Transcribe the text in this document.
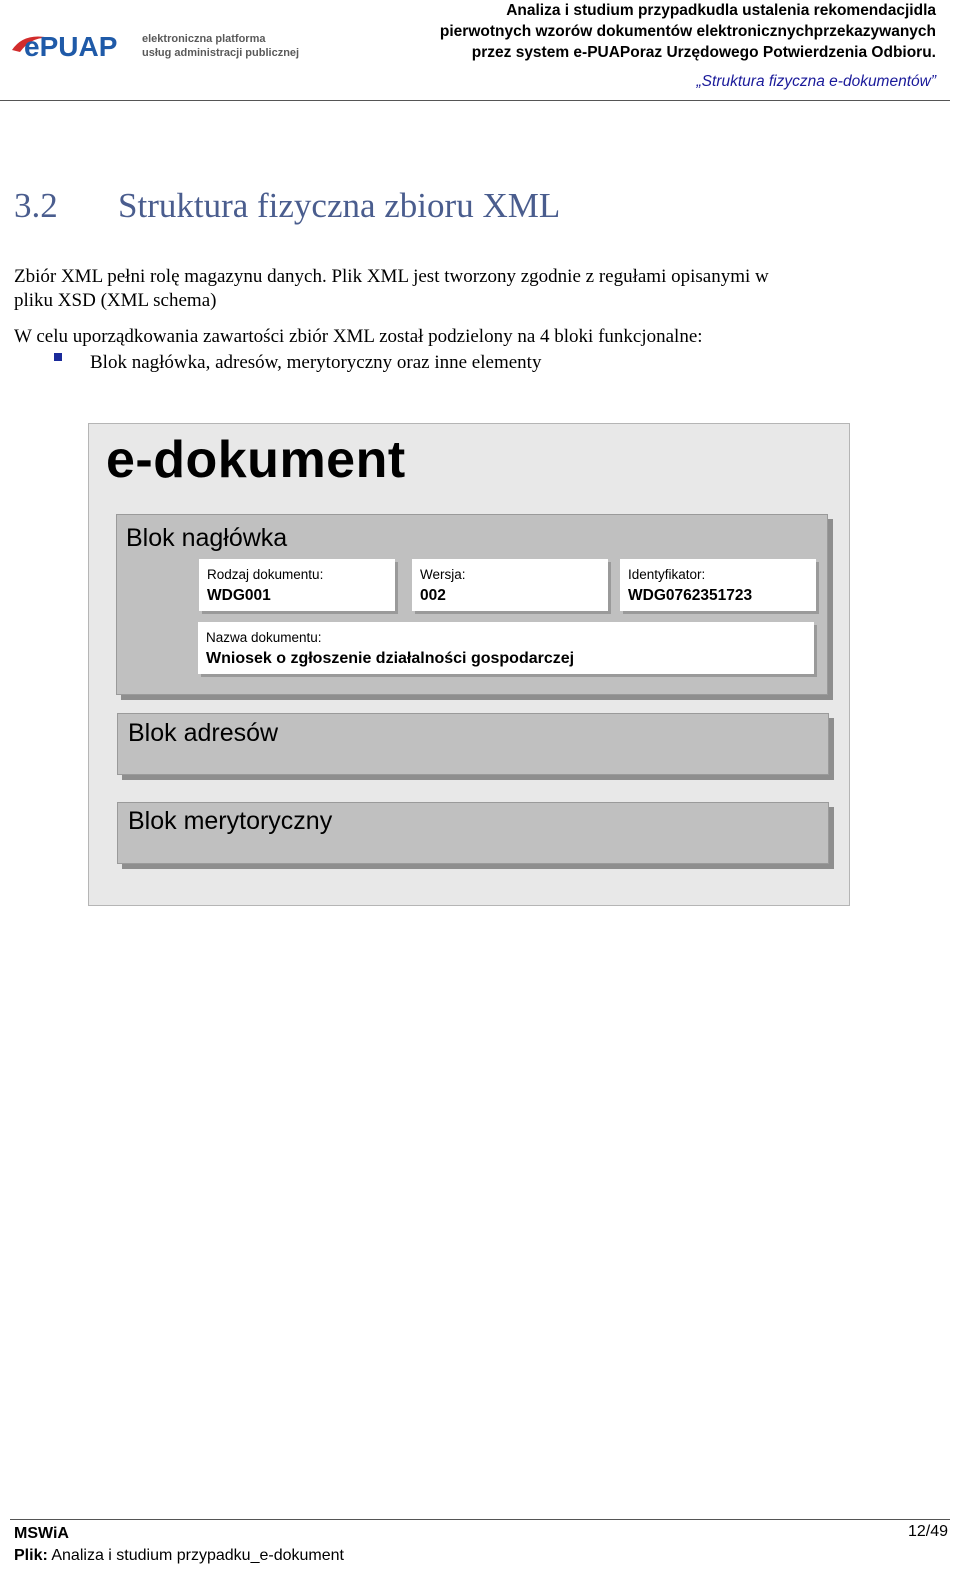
ePUAP elektroniczna platforma
usług administracji publicznej
Analiza i studium przypadkudla ustalenia rekomendacjidla
pierwotnych wzorów dokumentów elektronicznychprzekazywanych
przez system e-PUAPoraz Urzędowego Potwierdzenia Odbioru.
„Struktura fizyczna e-dokumentów”
3.2 Struktura fizyczna zbioru XML
Zbiór XML pełni rolę magazynu danych. Plik XML jest tworzony zgodnie z regułami opisanymi w
pliku XSD (XML schema)
W celu uporządkowania zawartości zbiór XML został podzielony na 4 bloki funkcjonalne:
Blok nagłówka, adresów, merytoryczny oraz inne elementy
e-dokument
Blok nagłówka
Rodzaj dokumentu:
WDG001
Wersja:
002
Identyfikator:
WDG0762351723
Nazwa dokumentu:
Wniosek o zgłoszenie działalności gospodarczej
Blok adresów
Blok merytoryczny
MSWiA
Plik: Analiza i studium przypadku_e-dokument
12/49
